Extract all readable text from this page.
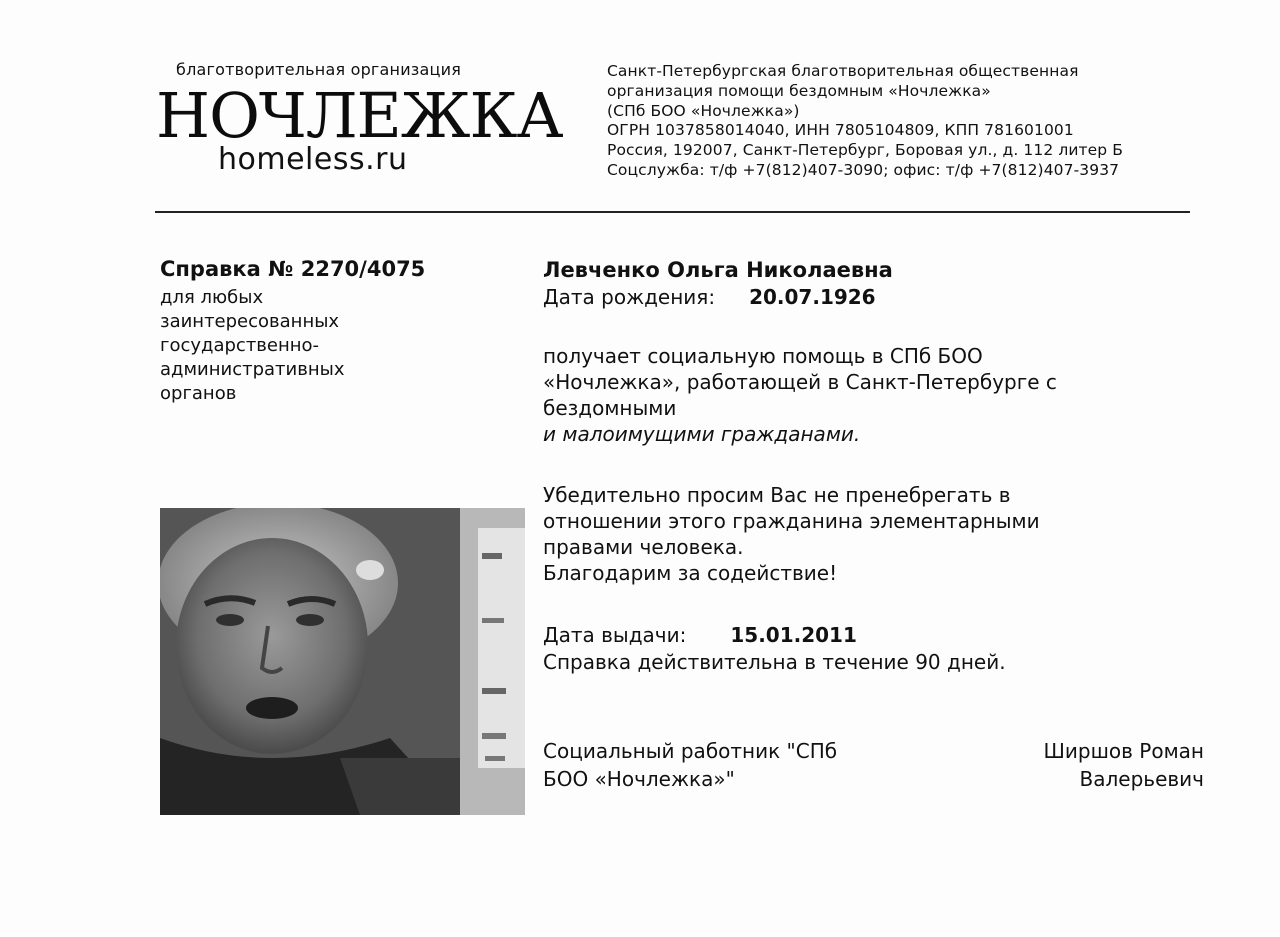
благотворительная организация
НОЧЛЕЖКА
homeless.ru
Санкт-Петербургская благотворительная общественная
организация помощи бездомным «Ночлежка»
(СПб БОО «Ночлежка»)
ОГРН 1037858014040, ИНН 7805104809, КПП 781601001
Россия, 192007, Санкт-Петербург, Боровая ул., д. 112 литер Б
Соцслужба: т/ф +7(812)407-3090; офис: т/ф +7(812)407-3937
Справка № 2270/4075
для любых
заинтересованных
государственно-
административных
органов
Левченко Ольга Николаевна
Дата рождения: 20.07.1926
получает социальную помощь в СПб БОО
«Ночлежка», работающей в Санкт-Петербурге с
бездомными
и малоимущими гражданами.
Убедительно просим Вас не пренебрегать в
отношении этого гражданина элементарными
правами человека.
Благодарим за содействие!
Дата выдачи: 15.01.2011
Справка действительна в течение 90 дней.
Социальный работник "СПб
БОО «Ночлежка»"
Ширшов Роман
Валерьевич
